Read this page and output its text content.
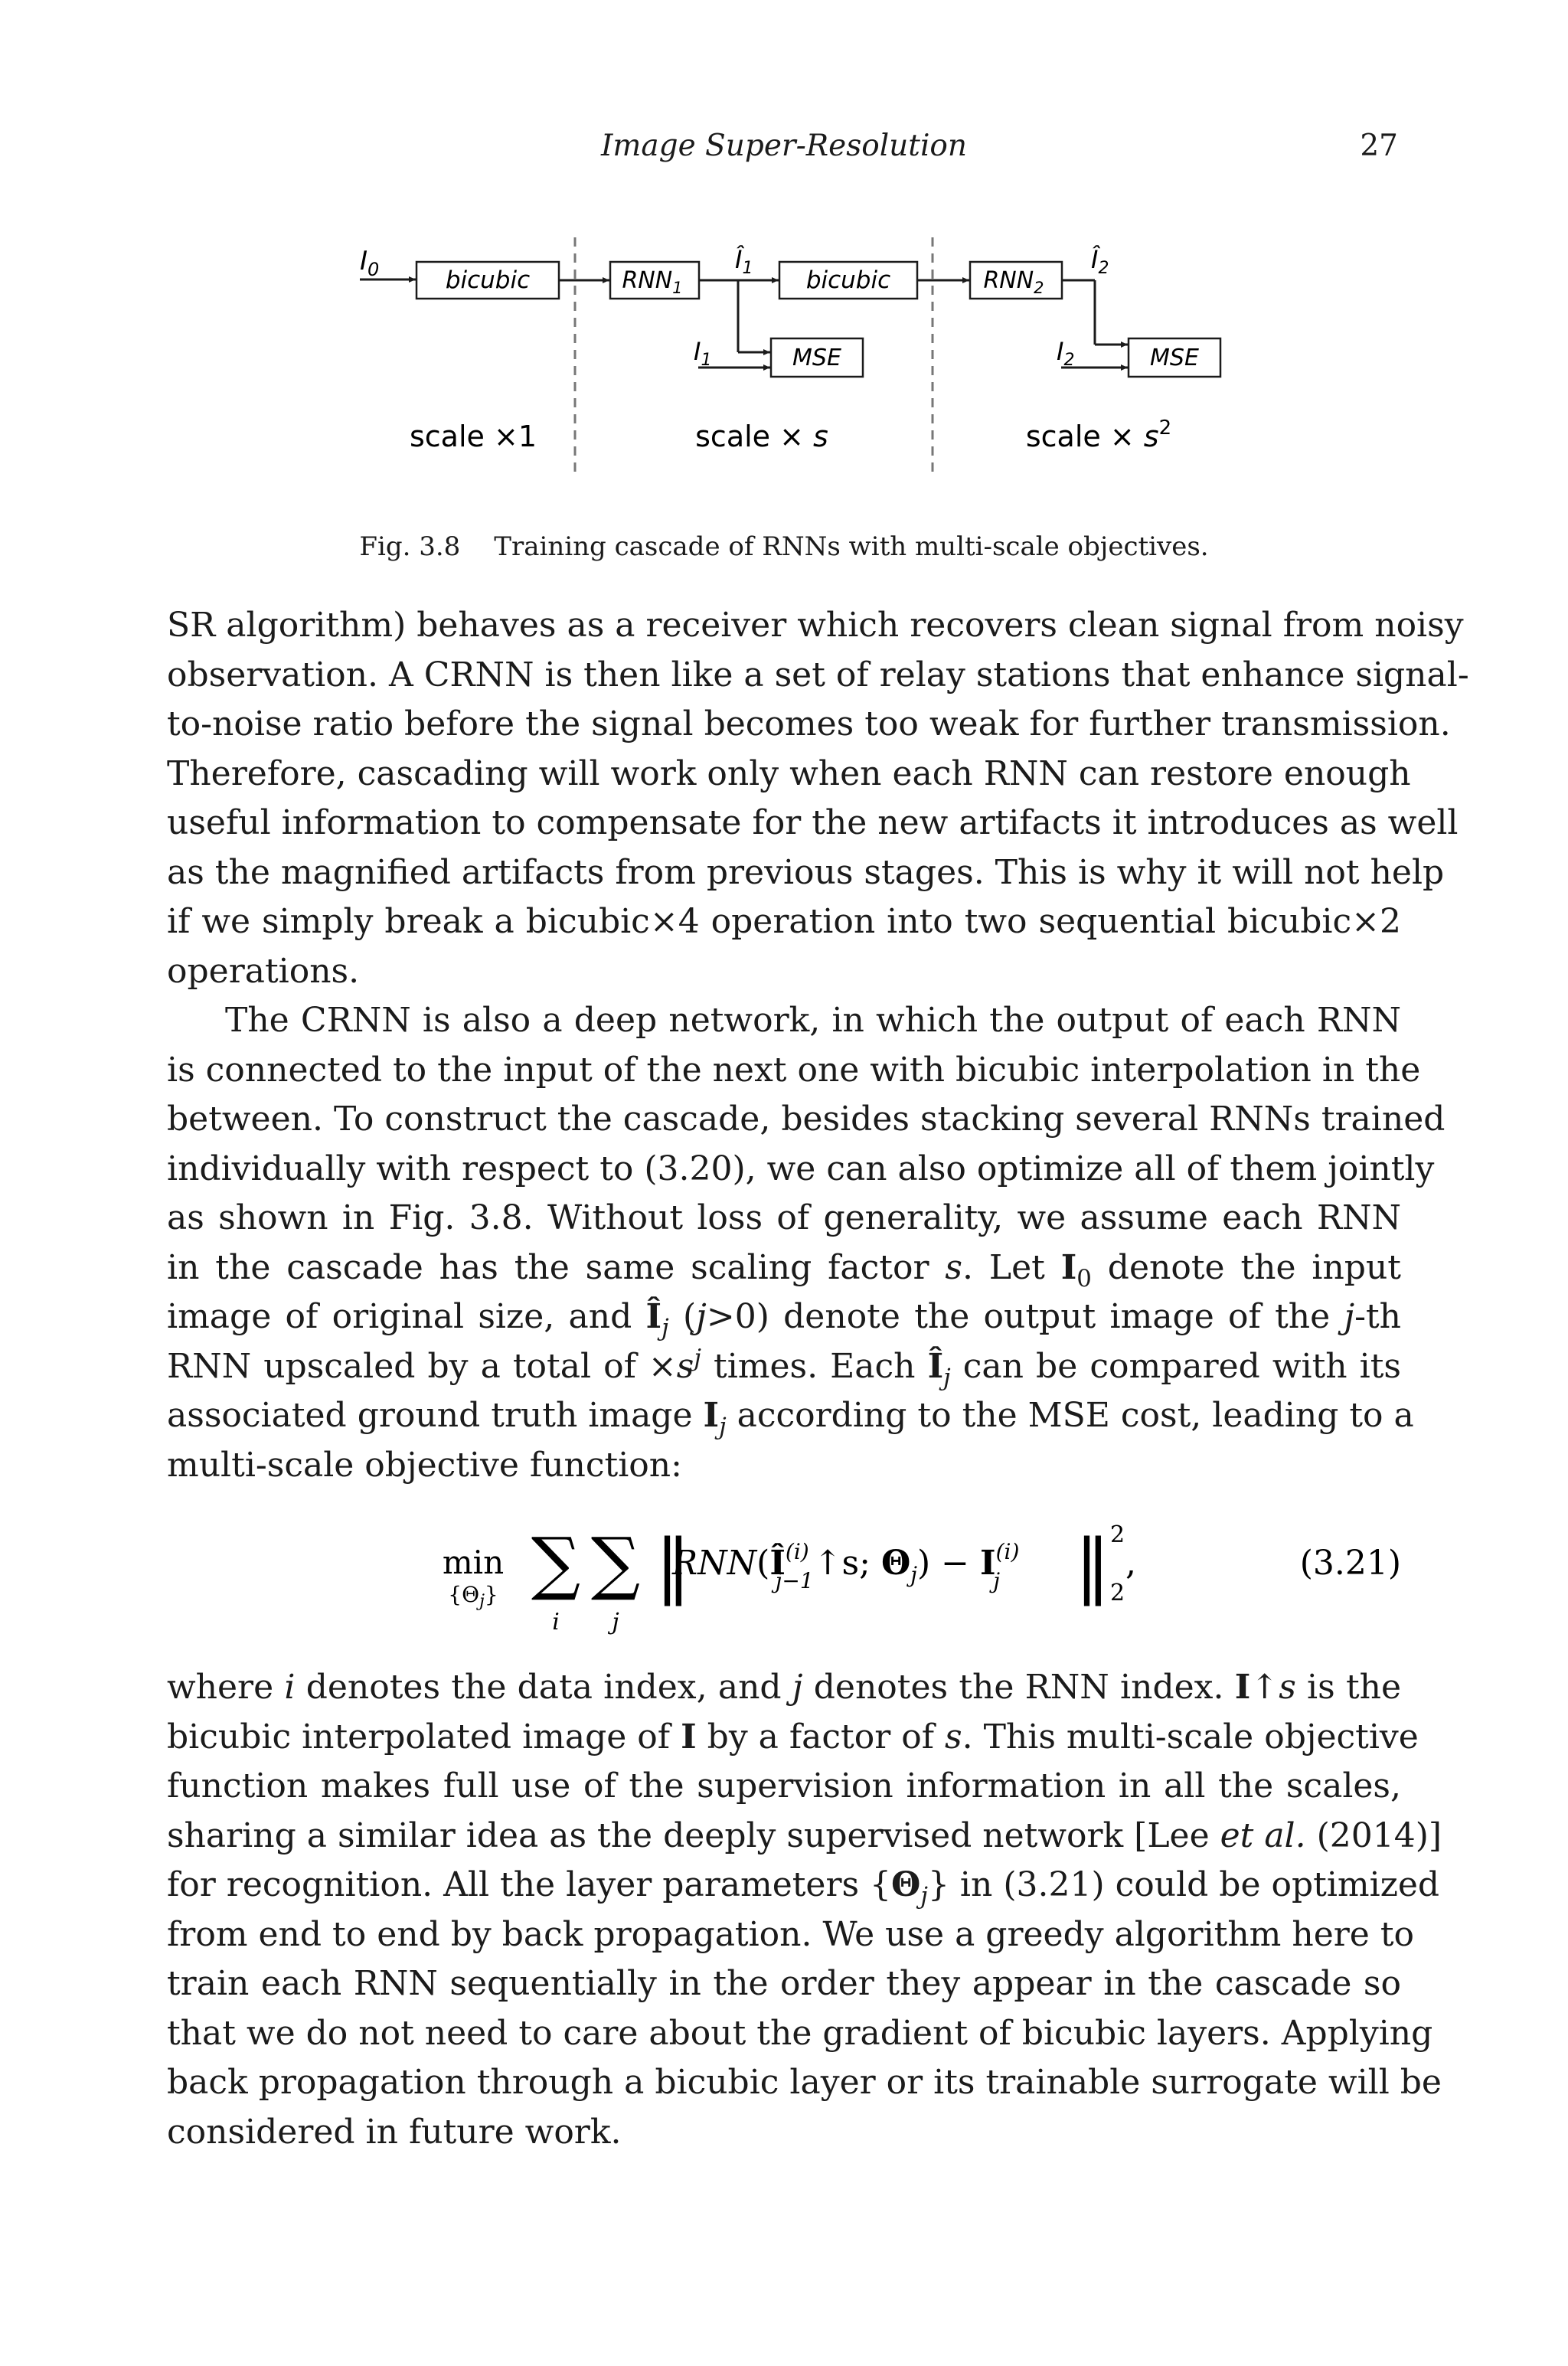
Image Super-Resolution	27
$I_0$	bicubic	$RNN_1$
$Î_1$
$I_1$	MSE
bicubic	$RNN_2$
$Î_2$
$I_2$	MSE
scale ×1	scale × s	scale × $s^2$
Fig. 3.8 Training cascade of RNNs with multi-scale objectives.
SR algorithm) behaves as a receiver which recovers clean signal from noisy
observation. A CRNN is then like a set of relay stations that enhance signal-
to-noise ratio before the signal becomes too weak for further transmission.
Therefore, cascading will work only when each RNN can restore enough
useful information to compensate for the new artifacts it introduces as well
as the magnified artifacts from previous stages. This is why it will not help
if we simply break a bicubic×4 operation into two sequential bicubic×2
operations.
The CRNN is also a deep network, in which the output of each RNN
is connected to the input of the next one with bicubic interpolation in the
between. To construct the cascade, besides stacking several RNNs trained
individually with respect to (3.20), we can also optimize all of them jointly
as shown in Fig. 3.8. Without loss of generality, we assume each RNN
in the cascade has the same scaling factor s. Let $I_0$ denote the input
image of original size, and $Î_j$ (j>0) denote the output image of the j-th
RNN upscaled by a total of $\times s^j$ times. Each $Î_j$ can be compared with its
associated ground truth image $I_j$ according to the MSE cost, leading to a
multi-scale objective function:
min
$\{\Theta_j\}$ ∑
i
∑
j
‖
$RNN(Î^{(i)}$ j−1↑s; $\Theta_j) - I^{(i)}$ j ‖ 2
2
,	(3.21)
where i denotes the data index, and j denotes the RNN index. I↑s is the
bicubic interpolated image of I by a factor of s. This multi-scale objective
function makes full use of the supervision information in all the scales,
sharing a similar idea as the deeply supervised network [Lee et al. (2014)]
for recognition. All the layer parameters $\{\Theta_j\}$ in (3.21) could be optimized
from end to end by back propagation. We use a greedy algorithm here to
train each RNN sequentially in the order they appear in the cascade so
that we do not need to care about the gradient of bicubic layers. Applying
back propagation through a bicubic layer or its trainable surrogate will be
considered in future work.
